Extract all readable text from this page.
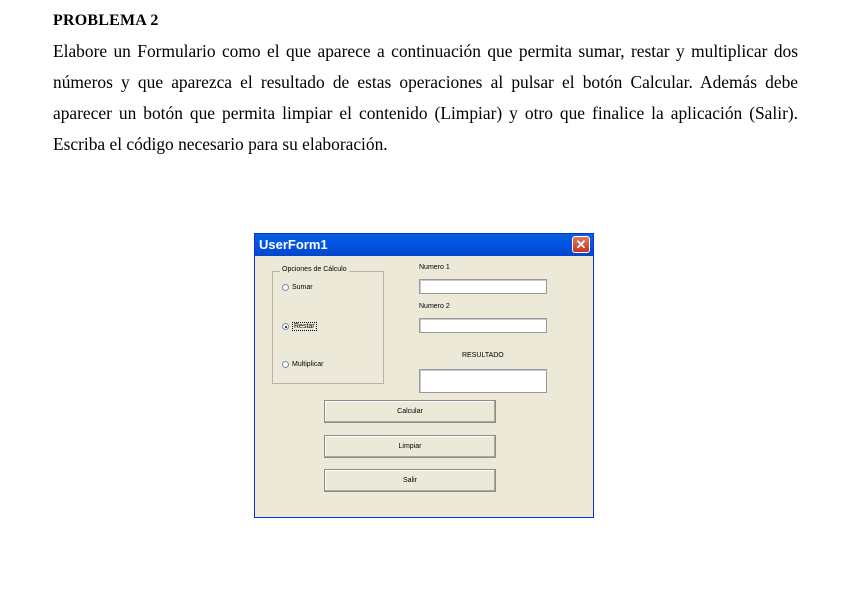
PROBLEMA 2

Elabore un Formulario como el que aparece a continuación que permita sumar, restar y multiplicar dos números y que aparezca el resultado de estas operaciones al pulsar el botón Calcular. Además debe aparecer un botón que permita limpiar el contenido (Limpiar) y otro que finalice la aplicación (Salir). Escriba el código necesario para su elaboración.

UserForm1	✕
Opciones de Cálculo
Sumar
Restar
Multiplicar
Numero 1
Numero 2
RESULTADO
Calcular
Limpiar
Salir
